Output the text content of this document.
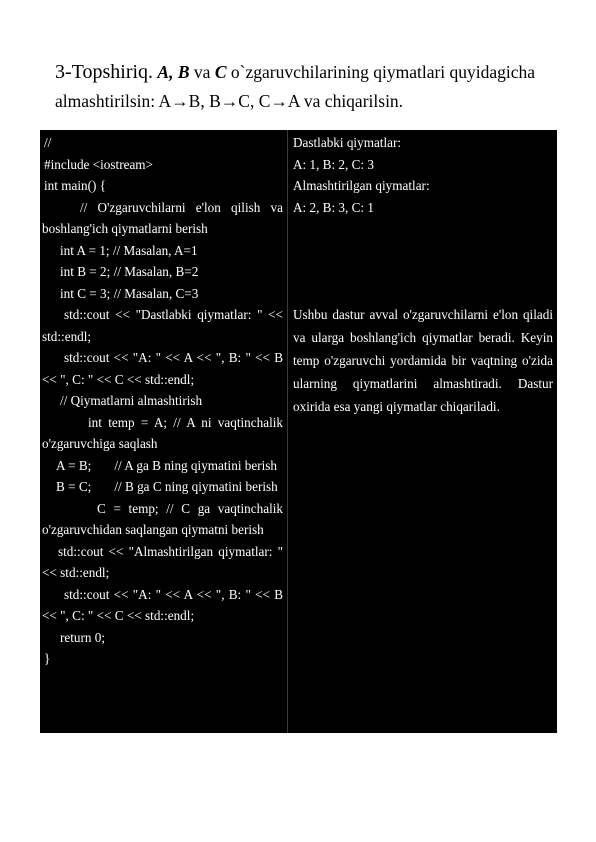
3-Topshiriq. A, B va C o`zgaruvchilarining qiymatlari quyidagicha
almashtirilsin: A→B, B→C, C→A va chiqarilsin.
//
#include <iostream>
int main() {
// O'zgaruvchilarni e'lon qilish va
boshlang'ich qiymatlarni berish
int A = 1; // Masalan, A=1
int B = 2; // Masalan, B=2
int C = 3; // Masalan, C=3
std::cout << "Dastlabki qiymatlar: " <<
std::endl;
std::cout << "A: " << A << ", B: " << B
<< ", C: " << C << std::endl;
// Qiymatlarni almashtirish
int temp = A; // A ni vaqtinchalik
o'zgaruvchiga saqlash
A = B;       // A ga B ning qiymatini berish
B = C;       // B ga C ning qiymatini berish
C = temp; // C ga vaqtinchalik
o'zgaruvchidan saqlangan qiymatni berish
std::cout << "Almashtirilgan qiymatlar: "
<< std::endl;
std::cout << "A: " << A << ", B: " << B
<< ", C: " << C << std::endl;
return 0;
}
Dastlabki qiymatlar:
A: 1, B: 2, C: 3
Almashtirilgan qiymatlar:
A: 2, B: 3, C: 1
Ushbu dastur avval o'zgaruvchilarni e'lon qiladi va ularga boshlang'ich qiymatlar beradi. Keyin temp o'zgaruvchi yordamida bir vaqtning o'zida ularning qiymatlarini almashtiradi. Dastur oxirida esa yangi qiymatlar chiqariladi.
